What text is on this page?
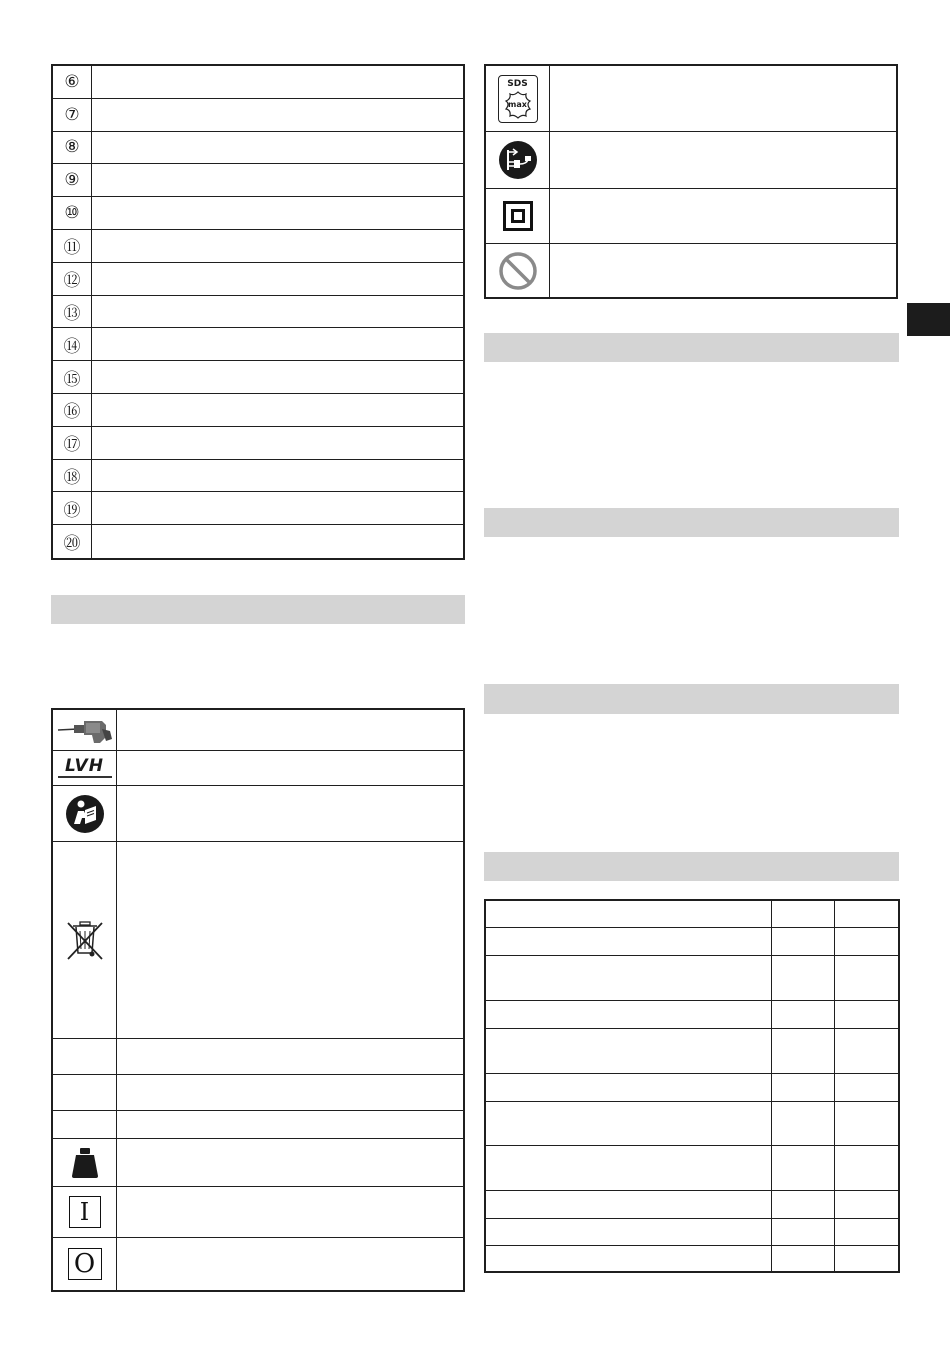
⑥
⑦
⑧
⑨
⑩
⑪
⑫
⑬
⑭
⑮
⑯
⑰
⑱
⑲
⑳
LVH
I
O
SDS
max
